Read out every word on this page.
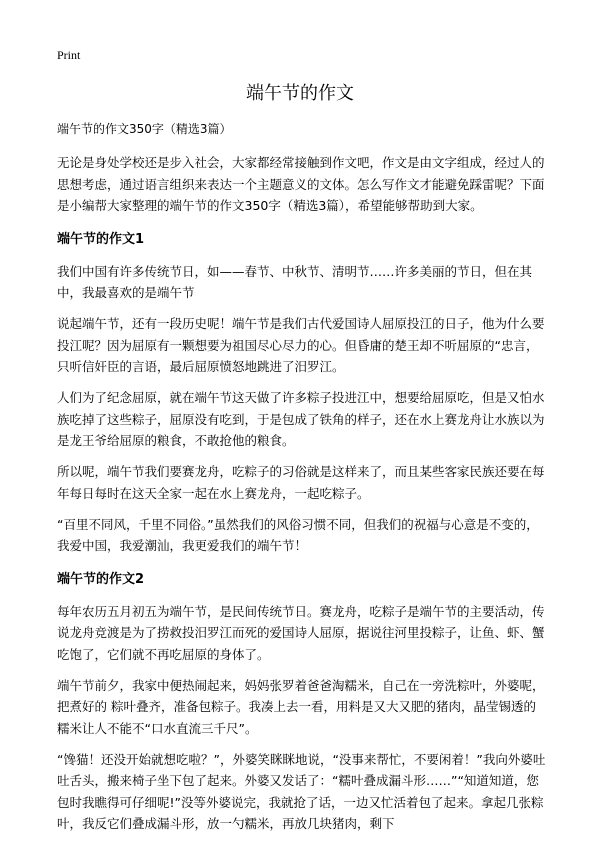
Print
端午节的作文
端午节的作文350字（精选3篇）

无论是身处学校还是步入社会，大家都经常接触到作文吧，作文是由文字组成，经过人的思想考虑，通过语言组织来表达一个主题意义的文体。怎么写作文才能避免踩雷呢？下面是小编帮大家整理的端午节的作文350字（精选3篇），希望能够帮助到大家。

端午节的作文1

我们中国有许多传统节日，如——春节、中秋节、清明节……许多美丽的节日，但在其中，我最喜欢的是端午节

说起端午节，还有一段历史呢！端午节是我们古代爱国诗人屈原投江的日子，他为什么要投江呢？因为屈原有一颗想要为祖国尽心尽力的心。但昏庸的楚王却不听屈原的“忠言，只听信奸臣的言语，最后屈原愤怒地跳进了汨罗江。

人们为了纪念屈原，就在端午节这天做了许多粽子投进江中，想要给屈原吃，但是又怕水族吃掉了这些粽子，屈原没有吃到，于是包成了铁角的样子，还在水上赛龙舟让水族以为是龙王爷给屈原的粮食，不敢抢他的粮食。

所以呢，端午节我们要赛龙舟，吃粽子的习俗就是这样来了，而且某些客家民族还要在每年每日每时在这天全家一起在水上赛龙舟，一起吃粽子。

“百里不同风，千里不同俗。”虽然我们的风俗习惯不同，但我们的祝福与心意是不变的，我爱中国，我爱潮汕，我更爱我们的端午节！

端午节的作文2

每年农历五月初五为端午节，是民间传统节日。赛龙舟，吃粽子是端午节的主要活动，传说龙舟竞渡是为了捞救投汨罗江而死的爱国诗人屈原，据说往河里投粽子，让鱼、虾、蟹吃饱了，它们就不再吃屈原的身体了。

端午节前夕，我家中便热闹起来，妈妈张罗着爸爸淘糯米，自己在一旁洗粽叶，外婆呢，把煮好的 粽叶叠齐，准备包粽子。我凑上去一看，用料是又大又肥的猪肉，晶莹锡透的糯米让人不能不“口水直流三千尺”。

“馋猫！还没开始就想吃啦？”，外婆笑眯眯地说，“没事来帮忙，不要闲着！”我向外婆吐吐舌头，搬来椅子坐下包了起来。外婆又发话了：“糯叶叠成漏斗形……”“知道知道，您包时我瞧得可仔细呢!”没等外婆说完，我就抢了话，一边又忙活着包了起来。拿起几张粽叶，我反它们叠成漏斗形，放一勺糯米，再放几块猪肉，剩下
